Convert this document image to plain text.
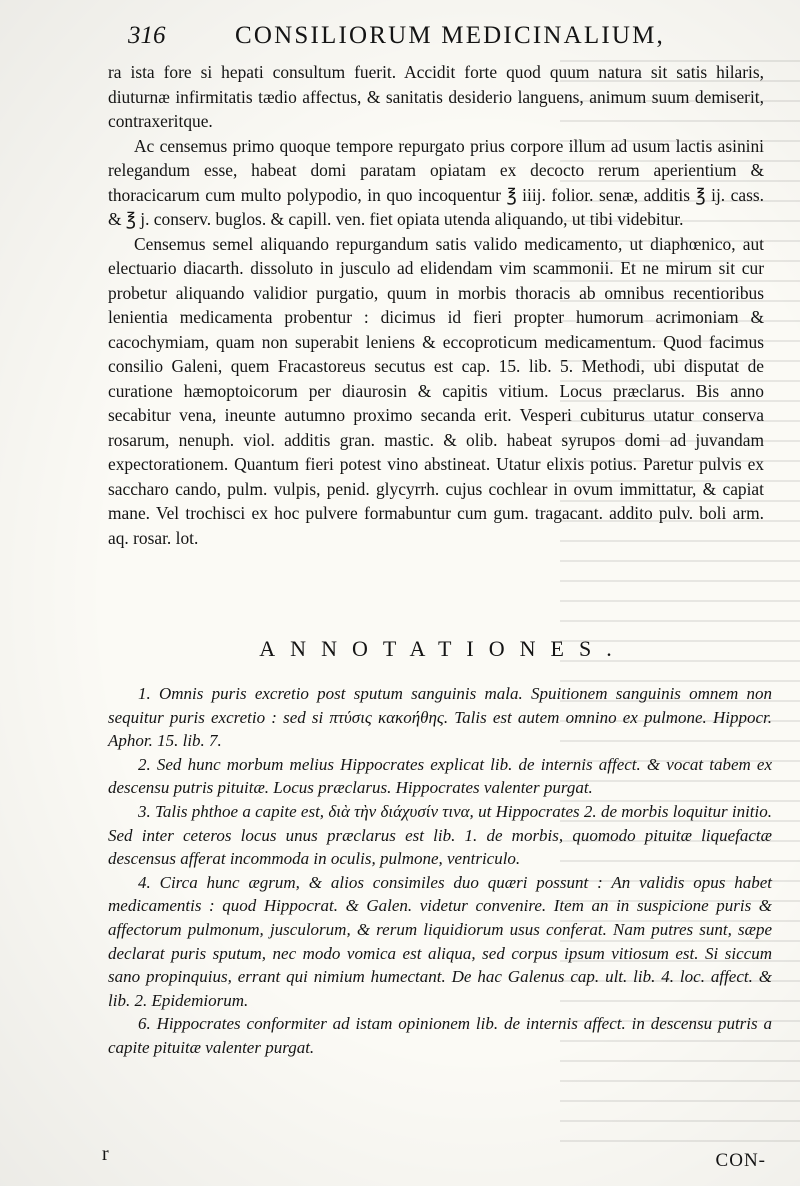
316	CONSILIORUM MEDICINALIUM,

ra ista fore si hepati consultum fuerit. Accidit forte quod quum natura sit satis hilaris, diuturnæ infirmitatis tædio affectus, & sanitatis desiderio languens, animum suum demiserit, contraxeritque.

Ac censemus primo quoque tempore repurgato prius corpore illum ad usum lactis asinini relegandum esse, habeat domi paratam opiatam ex decocto rerum aperientium & thoracicarum cum multo polypodio, in quo incoquentur ℥ iiij. folior. senæ, additis ℥ ij. cass. & ℥ j. conserv. buglos. & capill. ven. fiet opiata utenda aliquando, ut tibi videbitur.

Censemus semel aliquando repurgandum satis valido medicamento, ut diaphœnico, aut electuario diacarth. dissoluto in jusculo ad elidendam vim scammonii. Et ne mirum sit cur probetur aliquando validior purgatio, quum in morbis thoracis ab omnibus recentioribus lenientia medicamenta probentur : dicimus id fieri propter humorum acrimoniam & cacochymiam, quam non superabit leniens & eccoproticum medicamentum. Quod facimus consilio Galeni, quem Fracastoreus secutus est cap. 15. lib. 5. Methodi, ubi disputat de curatione hæmoptoicorum per diaurosin & capitis vitium. Locus præclarus. Bis anno secabitur vena, ineunte autumno proximo secanda erit. Vesperi cubiturus utatur conserva rosarum, nenuph. viol. additis gran. mastic. & olib. habeat syrupos domi ad juvandam expectorationem. Quantum fieri potest vino abstineat. Utatur elixis potius. Paretur pulvis ex saccharo cando, pulm. vulpis, penid. glycyrrh. cujus cochlear in ovum immittatur, & capiat mane. Vel trochisci ex hoc pulvere formabuntur cum gum. tragacant. addito pulv. boli arm. aq. rosar. lot.

ANNOTATIONES.

1. Omnis puris excretio post sputum sanguinis mala. Spuitionem sanguinis omnem non sequitur puris excretio : sed si πτύσις κακοήθης. Talis est autem omnino ex pulmone. Hippocr. Aphor. 15. lib. 7.

2. Sed hunc morbum melius Hippocrates explicat lib. de internis affect. & vocat tabem ex descensu putris pituitæ. Locus præclarus. Hippocrates valenter purgat.

3. Talis phthoe a capite est, διὰ τὴν διάχυσίν τινα, ut Hippocrates 2. de morbis loquitur initio. Sed inter ceteros locus unus præclarus est lib. 1. de morbis, quomodo pituitæ liquefactæ descensus afferat incommoda in oculis, pulmone, ventriculo.

4. Circa hunc ægrum, & alios consimiles duo quæri possunt : An validis opus habet medicamentis : quod Hippocrat. & Galen. videtur convenire. Item an in suspicione puris & affectorum pulmonum, jusculorum, & rerum liquidiorum usus conferat. Nam putres sunt, sæpe declarat puris sputum, nec modo vomica est aliqua, sed corpus ipsum vitiosum est. Si siccum sano propinquius, errant qui nimium humectant. De hac Galenus cap. ult. lib. 4. loc. affect. & lib. 2. Epidemiorum.

6. Hippocrates conformiter ad istam opinionem lib. de internis affect. in descensu putris a capite pituitæ valenter purgat.

r	CON-
